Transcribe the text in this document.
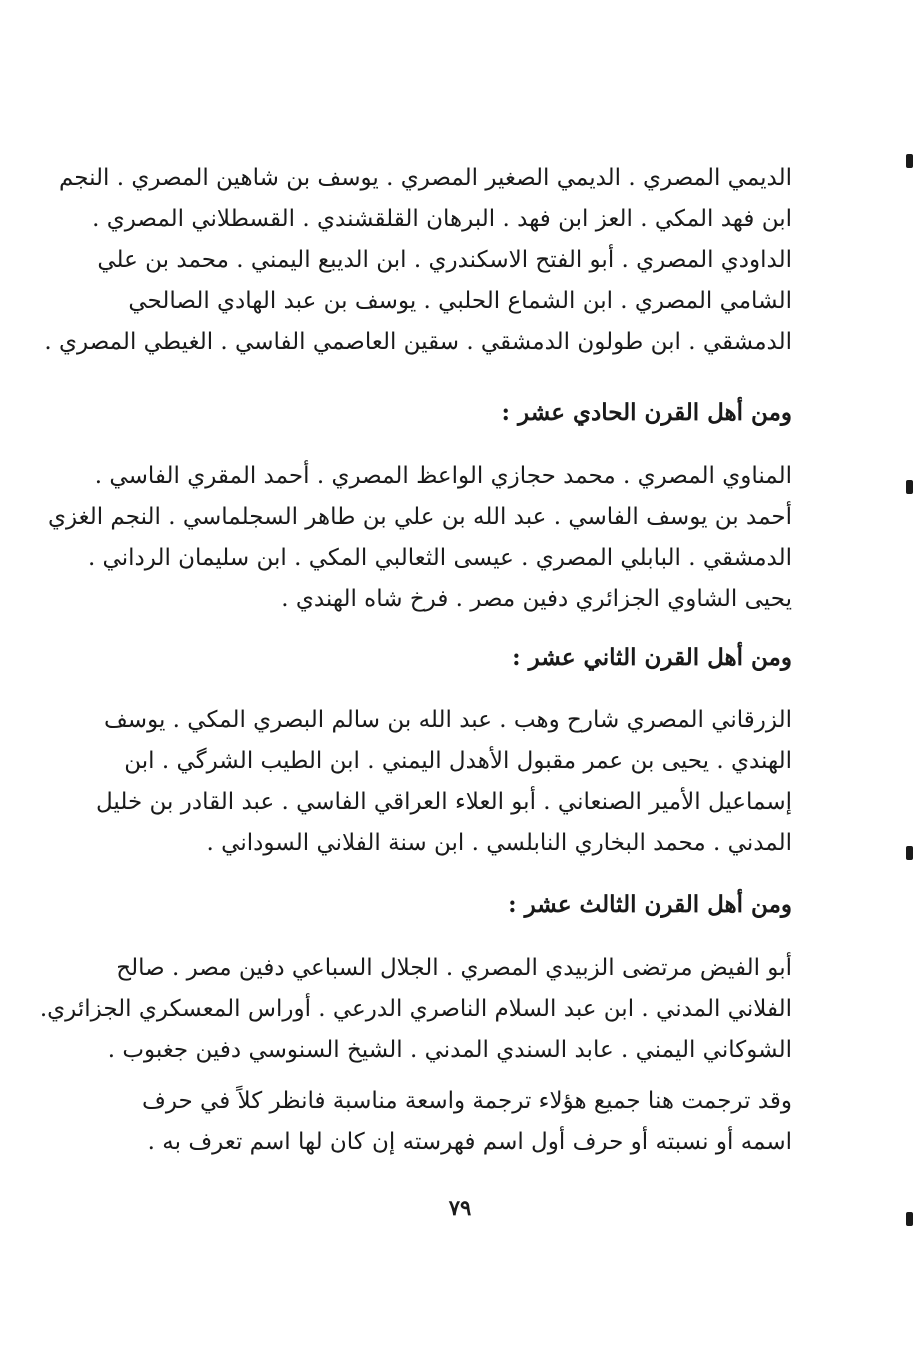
الديمي المصري . الديمي الصغير المصري . يوسف بن شاهين المصري . النجم
ابن فهد المكي . العز ابن فهد . البرهان القلقشندي . القسطلاني المصري .
الداودي المصري . أبو الفتح الاسكندري . ابن الديبع اليمني . محمد بن علي
الشامي المصري . ابن الشماع الحلبي . يوسف بن عبد الهادي الصالحي
الدمشقي . ابن طولون الدمشقي . سقين العاصمي الفاسي . الغيطي المصري .
ومن أهل القرن الحادي عشر :
المناوي المصري . محمد حجازي الواعظ المصري . أحمد المقري الفاسي .
أحمد بن يوسف الفاسي . عبد الله بن علي بن طاهر السجلماسي . النجم الغزي
الدمشقي . البابلي المصري . عيسى الثعالبي المكي . ابن سليمان الرداني .
يحيى الشاوي الجزائري دفين مصر . فرخ شاه الهندي .
ومن أهل القرن الثاني عشر :
الزرقاني المصري شارح وهب . عبد الله بن سالم البصري المكي . يوسف
الهندي . يحيى بن عمر مقبول الأهدل اليمني . ابن الطيب الشرگي . ابن
إسماعيل الأمير الصنعاني . أبو العلاء العراقي الفاسي . عبد القادر بن خليل
المدني . محمد البخاري النابلسي . ابن سنة الفلاني السوداني .
ومن أهل القرن الثالث عشر :
أبو الفيض مرتضى الزبيدي المصري . الجلال السباعي دفين مصر . صالح
الفلاني المدني . ابن عبد السلام الناصري الدرعي . أوراس المعسكري الجزائري.
الشوكاني اليمني . عابد السندي المدني . الشيخ السنوسي دفين جغبوب .
وقد ترجمت هنا جميع هؤلاء ترجمة واسعة مناسبة فانظر كلاً في حرف
اسمه أو نسبته أو حرف أول اسم فهرسته إن كان لها اسم تعرف به .
٧٩
